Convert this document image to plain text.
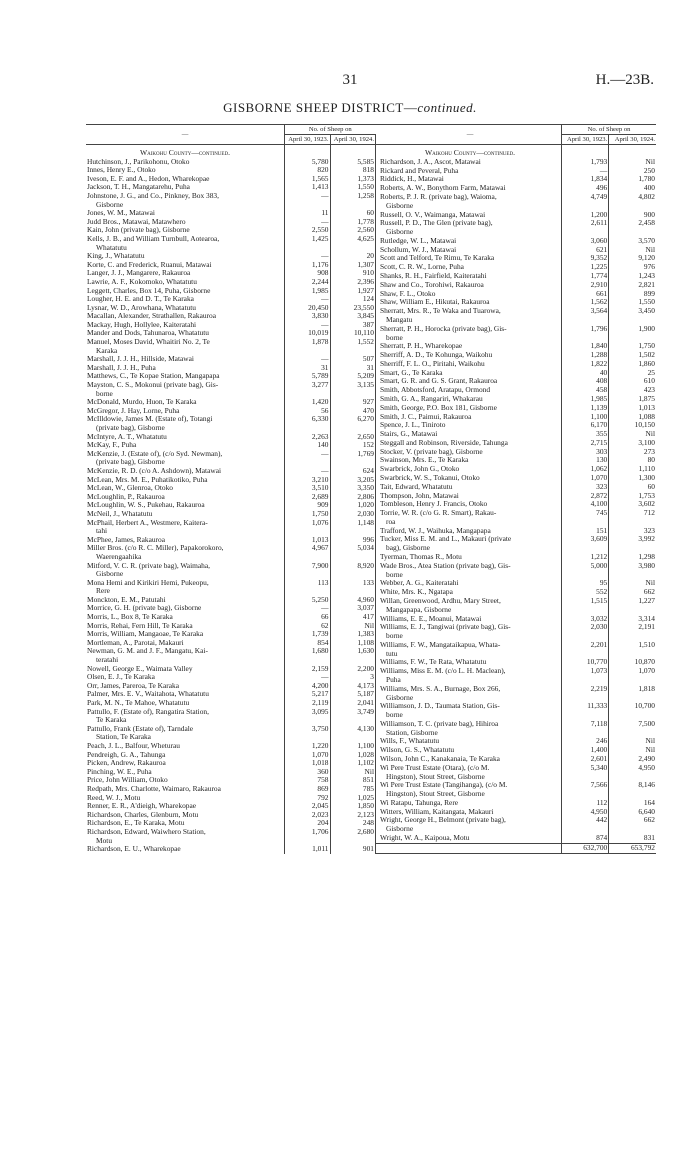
31	H.—23B.
GISBORNE SHEEP DISTRICT—continued.
—	No. of Sheep on	
	April 30, 1923.	April 30, 1924.
Waikohu County—continued.		
Hutchinson, J., Parikohonu, Otoko	5,780	5,585
Innes, Henry E., Otoko	820	818
Iveson, E. F. and A., Hedon, Wharekopae	1,565	1,373
Jackson, T. H., Mangatarehu, Puha	1,413	1,550
Johnstone, J. G., and Co., Pinkney, Box 383,	—	1,258
Gisborne		
Jones, W. M., Matawai	11	60
Judd Bros., Matawai, Matawhero	—	1,778
Kain, John (private bag), Gisborne	2,550	2,560
Kells, J. B., and William Turnbull, Aotearoa,	1,425	4,625
Whatatutu		
King, J., Whatatutu	—	20
Korte, C. and Frederick, Ruanui, Matawai	1,176	1,307
Langer, J. J., Mangarere, Rakauroa	908	910
Lawrie, A. F., Kokomoko, Whatatutu	2,244	2,396
Leggett, Charles, Box 14, Puha, Gisborne	1,985	1,927
Lougher, H. E. and D. T., Te Karaka	—	124
Lysnar, W. D., Arowhana, Whatatutu	20,450	23,550
Macallan, Alexander, Strathallen, Rakauroa	3,830	3,845
Mackay, Hugh, Hollylee, Kaiteratahi	—	387
Mander and Dods, Tahunaroa, Whatatutu	10,019	10,110
Manuel, Moses David, Whaitiri No. 2, Te	1,878	1,552
Karaka		
Marshall, J. J. H., Hillside, Matawai	—	507
Marshall, J. J. H., Puha	31	31
Matthews, C., Te Kopae Station, Mangapapa	5,789	5,209
Mayston, C. S., Mokonui (private bag), Gis-	3,277	3,135
borne		
McDonald, Murdo, Huon, Te Karaka	1,420	927
McGregor, J. Hay, Lorne, Puha	56	470
McIlldowie, James M. (Estate of), Totangi	6,330	6,270
(private bag), Gisborne		
McIntyre, A. T., Whatatutu	2,263	2,650
McKay, F., Puha	140	152
McKenzie, J. (Estate of), (c/o Syd. Newman),	—	1,769
(private bag), Gisborne		
McKenzie, R. D. (c/o A. Ashdown), Matawai	—	624
McLean, Mrs. M. E., Puhatikotiko, Puha	3,210	3,205
McLean, W., Glenroa, Otoko	3,510	3,350
McLoughlin, P., Rakauroa	2,689	2,806
McLoughlin, W. S., Pukehau, Rakauroa	909	1,020
McNeil, J., Whatatutu	1,750	2,030
McPhail, Herbert A., Westmere, Kaitera-	1,076	1,148
tahi		
McPhee, James, Rakauroa	1,013	996
Miller Bros. (c/o R. C. Miller), Papakorokoro,	4,967	5,034
Waerengaahika		
Mitford, V. C. R. (private bag), Waimaha,	7,900	8,920
Gisborne		
Mona Hemi and Kirikiri Hemi, Pukeopu,	113	133
Rere		
Monckton, E. M., Patutahi	5,250	4,960
Morrice, G. H. (private bag), Gisborne	—	3,037
Morris, L., Box 8, Te Karaka	66	417
Morris, Rehai, Fern Hill, Te Karaka	62	Nil
Morris, William, Mangaoae, Te Karaka	1,739	1,383
Mortleman, A., Parotai, Makauri	854	1,108
Newman, G. M. and J. F., Mangatu, Kai-	1,680	1,630
teratahi		
Nowell, George E., Waimata Valley	2,159	2,200
Olsen, E. J., Te Karaka	—	3
Orr, James, Pareroa, Te Karaka	4,200	4,173
Palmer, Mrs. E. V., Waitahota, Whatatutu	5,217	5,187
Park, M. N., Te Mahoe, Whatatutu	2,119	2,041
Pattullo, F. (Estate of), Rangatira Station,	3,095	3,749
Te Karaka		
Pattullo, Frank (Estate of), Tarndale	3,750	4,130
Station, Te Karaka		
Peach, J. L., Balfour, Wheturau	1,220	1,100
Pendreigh, G. A., Tahunga	1,070	1,028
Picken, Andrew, Rakauroa	1,018	1,102
Pinching, W. E., Puha	360	Nil
Price, John William, Otoko	758	851
Redpath, Mrs. Charlotte, Waimaro, Rakauroa	869	785
Reed, W. J., Motu	792	1,025
Renner, E. R., A'dieigh, Wharekopae	2,045	1,850
Richardson, Charles, Glenburn, Motu	2,023	2,123
Richardson, E., Te Karaka, Motu	204	248
Richardson, Edward, Waiwhero Station,	1,706	2,680
Motu		
Richardson, E. U., Wharekopae	1,011	901
—	No. of Sheep on	
	April 30, 1923.	April 30, 1924.
Waikohu County—continued.		
Richardson, J. A., Ascot, Matawai	1,793	Nil
Rickard and Peveral, Puha	—	250
Riddick, H., Matawai	1,834	1,780
Roberts, A. W., Bonythorn Farm, Matawai	496	400
Roberts, P. J. R. (private bag), Waioma,	4,749	4,802
Gisborne		
Russell, O. V., Waimanga, Matawai	1,200	900
Russell, P. D., The Glen (private bag),	2,611	2,458
Gisborne		
Rutledge, W. L., Matawai	3,060	3,570
Schollum, W. J., Matawai	621	Nil
Scott and Telford, Te Rimu, Te Karaka	9,352	9,120
Scott, C. R. W., Lorne, Puha	1,225	976
Shanks, R. H., Fairfield, Kaiteratahi	1,774	1,243
Shaw and Co., Torohiwi, Rakauroa	2,910	2,821
Shaw, F. L., Otoko	661	899
Shaw, William E., Hikutai, Rakauroa	1,562	1,550
Sherratt, Mrs. R., Te Waka and Tuarowa,	3,564	3,450
Mangatu		
Sherratt, P. H., Horocka (private bag), Gis-	1,796	1,900
borne		
Sherratt, P. H., Wharekopae	1,840	1,750
Sherriff, A. D., Te Kohunga, Waikohu	1,288	1,502
Sherriff, F. L. O., Piritahi, Waikohu	1,822	1,860
Smart, G., Te Karaka	40	25
Smart, G. R. and G. S. Grant, Rakauroa	408	610
Smith, Abbotsford, Aratapu, Ormond	458	423
Smith, G. A., Rangariri, Whakarau	1,985	1,875
Smith, George, P.O. Box 181, Gisborne	1,139	1,013
Smith, J. C., Paimui, Rakauroa	1,100	1,088
Spence, J. L., Tiniroto	6,170	10,150
Stairs, G., Matawai	355	Nil
Steggall and Robinson, Riverside, Tahunga	2,715	3,100
Stocker, V. (private bag), Gisborne	303	273
Swainson, Mrs. E., Te Karaka	130	80
Swarbrick, John G., Otoko	1,062	1,110
Swarbrick, W. S., Tokanui, Otoko	1,070	1,300
Tait, Edward, Whatatutu	323	60
Thompson, John, Matawai	2,872	1,753
Tombleson, Henry J. Francis, Otoko	4,100	3,602
Torrie, W. R. (c/o G. R. Smart), Rakau-	745	712
roa		
Trafford, W. J., Waihuka, Mangapapa	151	323
Tucker, Miss E. M. and L., Makauri (private	3,609	3,992
bag), Gisborne		
Tyerman, Thomas R., Motu	1,212	1,298
Wade Bros., Atea Station (private bag), Gis-	5,000	3,980
borne		
Webber, A. G., Kaiteratahi	95	Nil
White, Mrs. K., Ngatapa	552	662
Willan, Greenwood, Ardhu, Mary Street,	1,515	1,227
Mangapapa, Gisborne		
Williams, E. E., Moanui, Matawai	3,032	3,314
Williams, E. J., Tangiwai (private bag), Gis-	2,030	2,191
borne		
Williams, F. W., Mangataikapua, Whata-	2,201	1,510
tutu		
Williams, F. W., Te Rata, Whatatutu	10,770	10,870
Williams, Miss E. M. (c/o L. H. Maclean),	1,073	1,070
Puha		
Williams, Mrs. S. A., Burnage, Box 266,	2,219	1,818
Gisborne		
Williamson, J. D., Taumata Station, Gis-	11,333	10,700
borne		
Williamson, T. C. (private bag), Hihiroa	7,118	7,500
Station, Gisborne		
Wills, F., Whatatutu	246	Nil
Wilson, G. S., Whatatutu	1,400	Nil
Wilson, John C., Kanakanaia, Te Karaka	2,601	2,490
Wi Pere Trust Estate (Otara), (c/o M.	5,340	4,950
Hingston), Stout Street, Gisborne		
Wi Pere Trust Estate (Tangihanga), (c/o M.	7,566	8,146
Hingston), Stout Street, Gisborne		
Wi Ratapu, Tahunga, Rere	112	164
Witters, William, Kaitangata, Makauri	4,950	6,640
Wright, George H., Belmont (private bag),	442	662
Gisborne		
Wright, W. A., Kaipoua, Motu	874	831
	632,700	653,792
